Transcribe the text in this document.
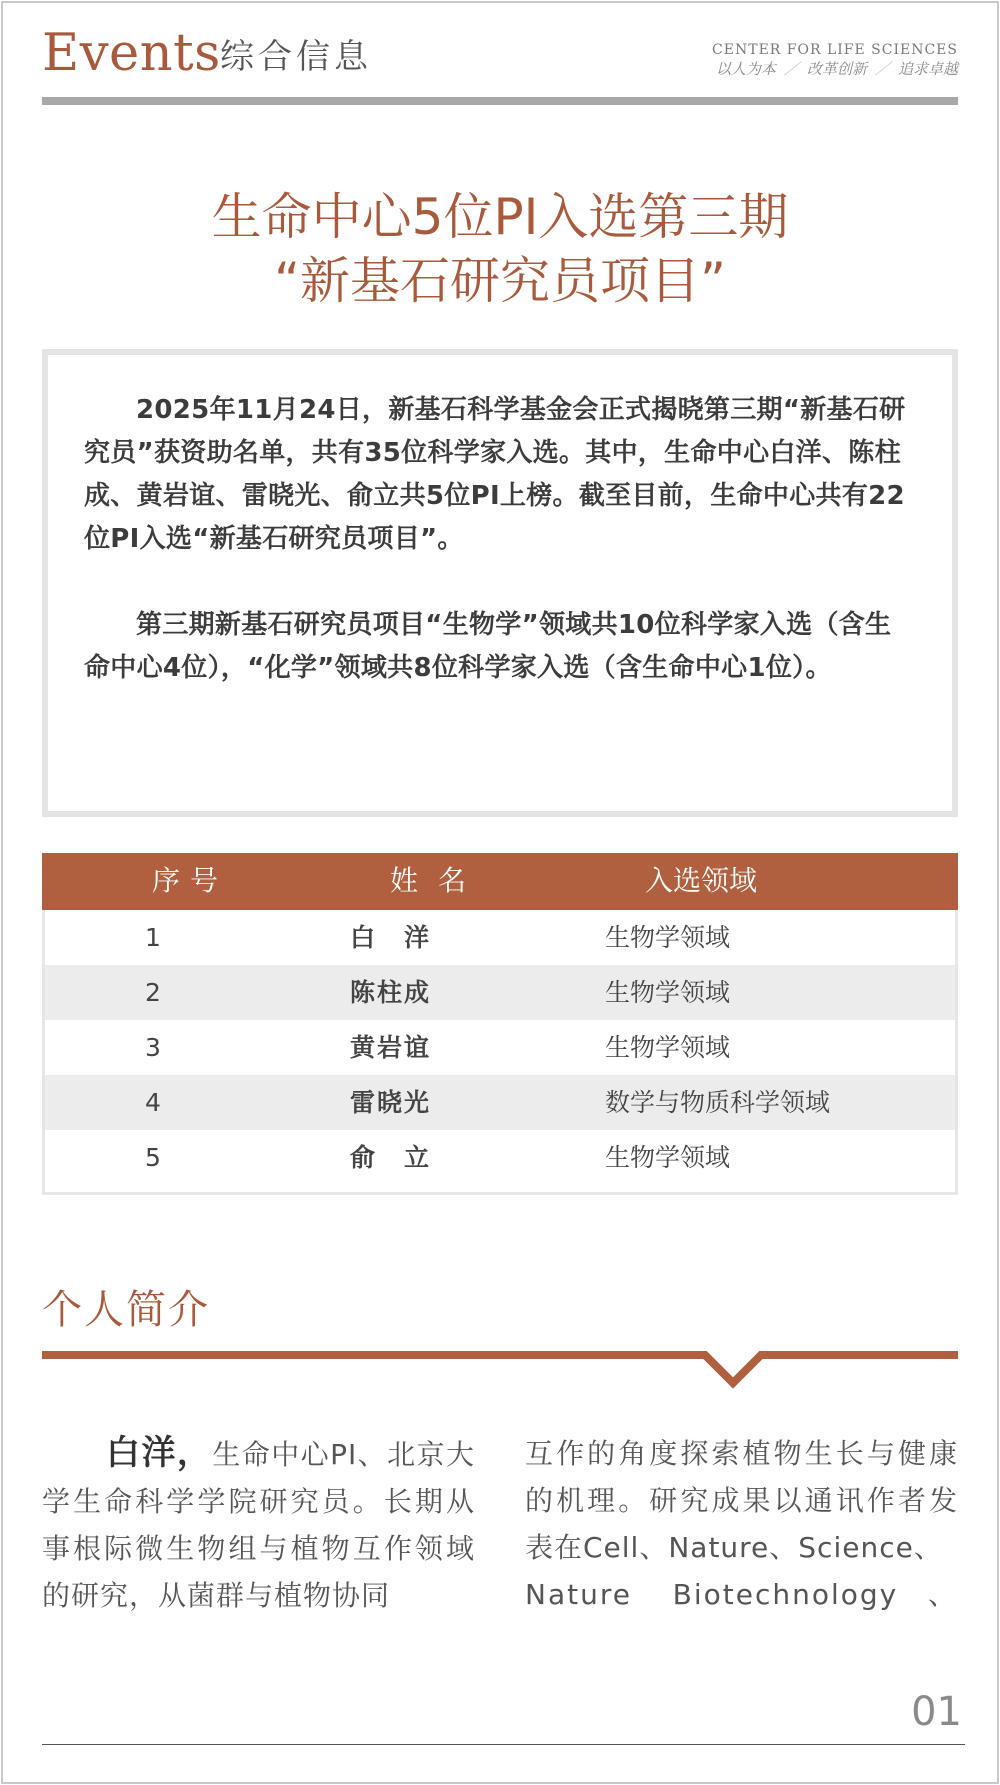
Events 综合信息	CENTER FOR LIFE SCIENCES
以人为本 ／ 改革创新 ／ 追求卓越
生命中心5位PI入选第三期
“新基石研究员项目”

2025年11月24日，新基石科学基金会正式揭晓第三期“新基石研究员”获资助名单，共有35位科学家入选。其中，生命中心白洋、陈柱成、黄岩谊、雷晓光、俞立共5位PI上榜。截至目前，生命中心共有22位PI入选“新基石研究员项目”。

第三期新基石研究员项目“生物学”领域共10位科学家入选（含生命中心4位），“化学”领域共8位科学家入选（含生命中心1位）。

序号	姓名	入选领域
1	白　洋	生物学领域
2	陈柱成	生物学领域
3	黄岩谊	生物学领域
4	雷晓光	数学与物质科学领域
5	俞　立	生物学领域
个人简介
白洋，生命中心PI、北京大学生命科学学院研究员。长期从事根际微生物组与植物互作领域的研究，从菌群与植物协同
互作的角度探索植物生长与健康的机理。研究成果以通讯作者发表在Cell、Nature、Science、
Nature Biotechnology、
01
